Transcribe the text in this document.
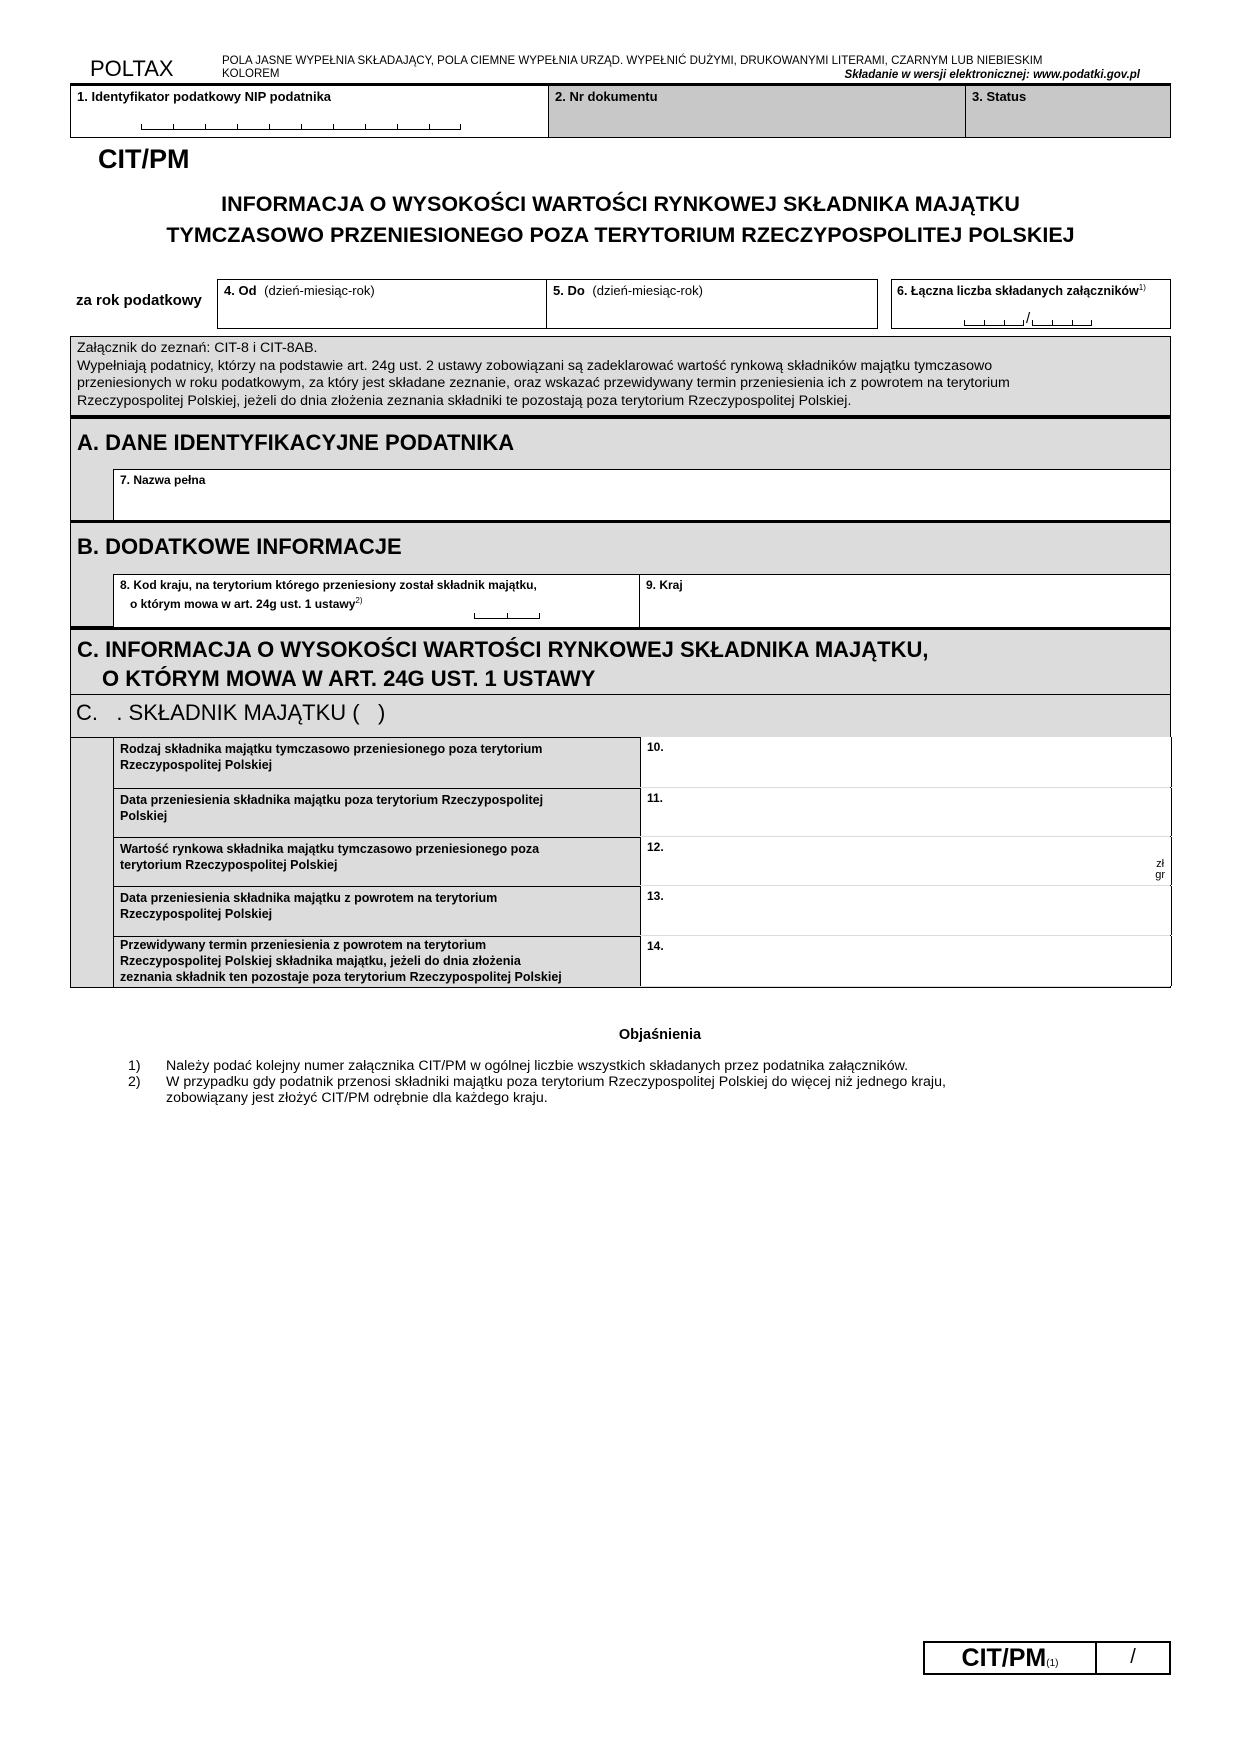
POLTAX	POLA JASNE WYPEŁNIA SKŁADAJĄCY, POLA CIEMNE WYPEŁNIA URZĄD. WYPEŁNIĆ DUŻYMI, DRUKOWANYMI LITERAMI, CZARNYM LUB NIEBIESKIM
KOLOREM	Składanie w wersji elektronicznej: www.podatki.gov.pl
1. Identyfikator podatkowy NIP podatnika	2. Nr dokumentu	3. Status
CIT/PM
INFORMACJA O WYSOKOŚCI WARTOŚCI RYNKOWEJ SKŁADNIKA MAJĄTKU
TYMCZASOWO PRZENIESIONEGO POZA TERYTORIUM RZECZYPOSPOLITEJ POLSKIEJ
za rok podatkowy
4. Od (dzień-miesiąc-rok)	5. Do (dzień-miesiąc-rok)	6. Łączna liczba składanych załączników$^{1)}$
/
Załącznik do zeznań: CIT-8 i CIT-8AB.
Wypełniają podatnicy, którzy na podstawie art. 24g ust. 2 ustawy zobowiązani są zadeklarować wartość rynkową składników majątku tymczasowo
przeniesionych w roku podatkowym, za który jest składane zeznanie, oraz wskazać przewidywany termin przeniesienia ich z powrotem na terytorium
Rzeczypospolitej Polskiej, jeżeli do dnia złożenia zeznania składniki te pozostają poza terytorium Rzeczypospolitej Polskiej.
A. DANE IDENTYFIKACYJNE PODATNIKA
7. Nazwa pełna
B. DODATKOWE INFORMACJE
8. Kod kraju, na terytorium którego przeniesiony został składnik majątku,
o którym mowa w art. 24g ust. 1 ustawy$^{2)}$
9. Kraj
C. INFORMACJA O WYSOKOŚCI WARTOŚCI RYNKOWEJ SKŁADNIKA MAJĄTKU,
O KTÓRYM MOWA W ART. 24G UST. 1 USTAWY
C.   . SKŁADNIK MAJĄTKU (   )
Rodzaj składnika majątku tymczasowo przeniesionego poza terytorium
Rzeczypospolitej Polskiej
10.
Data przeniesienia składnika majątku poza terytorium Rzeczypospolitej
Polskiej
11.
Wartość rynkowa składnika majątku tymczasowo przeniesionego poza
terytorium Rzeczypospolitej Polskiej
12.
zł
gr
Data przeniesienia składnika majątku z powrotem na terytorium
Rzeczypospolitej Polskiej
13.
Przewidywany termin przeniesienia z powrotem na terytorium
Rzeczypospolitej Polskiej składnika majątku, jeżeli do dnia złożenia
zeznania składnik ten pozostaje poza terytorium Rzeczypospolitej Polskiej
14.
Objaśnienia
1)	Należy podać kolejny numer załącznika CIT/PM w ogólnej liczbie wszystkich składanych przez podatnika załączników.
2)	W przypadku gdy podatnik przenosi składniki majątku poza terytorium Rzeczypospolitej Polskiej do więcej niż jednego kraju,
zobowiązany jest złożyć CIT/PM odrębnie dla każdego kraju.
CIT/PM(1)	/
